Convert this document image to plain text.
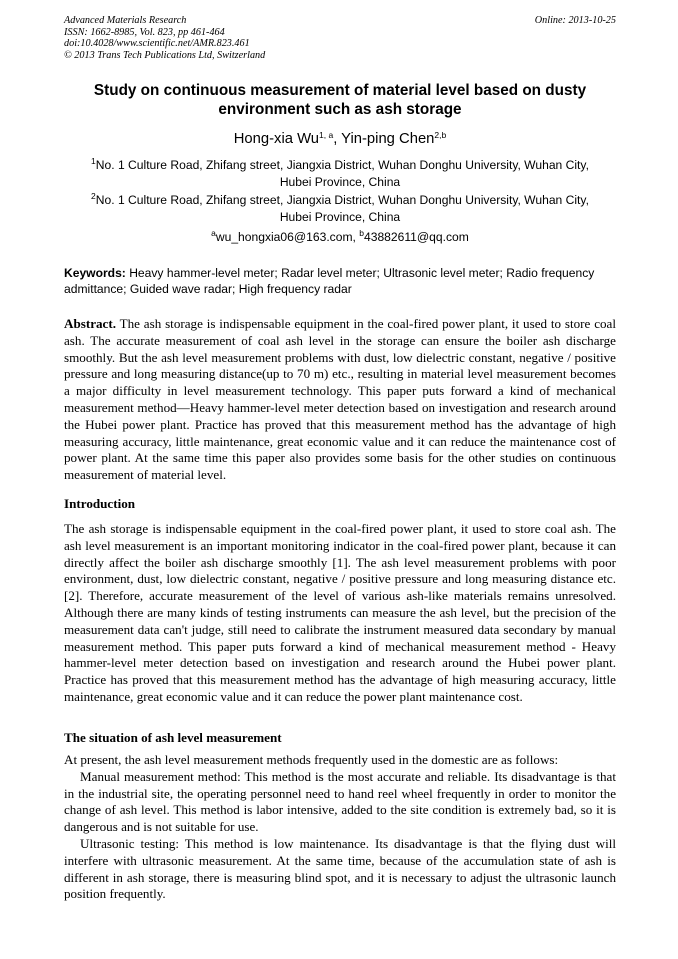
Advanced Materials Research
ISSN: 1662-8985, Vol. 823, pp 461-464
doi:10.4028/www.scientific.net/AMR.823.461
© 2013 Trans Tech Publications Ltd, Switzerland
Online: 2013-10-25
Study on continuous measurement of material level based on dusty environment such as ash storage
Hong-xia Wu$^{1, a}$, Yin-ping Chen$^{2,b}$
$^1$No. 1 Culture Road, Zhifang street, Jiangxia District, Wuhan Donghu University, Wuhan City, Hubei Province, China
$^2$No. 1 Culture Road, Zhifang street, Jiangxia District, Wuhan Donghu University, Wuhan City, Hubei Province, China
$^a$wu_hongxia06@163.com, $^b$43882611@qq.com
Keywords: Heavy hammer-level meter; Radar level meter; Ultrasonic level meter; Radio frequency admittance; Guided wave radar; High frequency radar
Abstract. The ash storage is indispensable equipment in the coal-fired power plant, it used to store coal ash. The accurate measurement of coal ash level in the storage can ensure the boiler ash discharge smoothly. But the ash level measurement problems with dust, low dielectric constant, negative / positive pressure and long measuring distance(up to 70 m) etc., resulting in material level measurement becomes a major difficulty in level measurement technology. This paper puts forward a kind of mechanical measurement method—Heavy hammer-level meter detection based on investigation and research around the Hubei power plant. Practice has proved that this measurement method has the advantage of high measuring accuracy, little maintenance, great economic value and it can reduce the maintenance cost of power plant. At the same time this paper also provides some basis for the other studies on continuous measurement of material level.
Introduction
The ash storage is indispensable equipment in the coal-fired power plant, it used to store coal ash. The ash level measurement is an important monitoring indicator in the coal-fired power plant, because it can directly affect the boiler ash discharge smoothly [1]. The ash level measurement problems with poor environment, dust, low dielectric constant, negative / positive pressure and long measuring distance etc. [2]. Therefore, accurate measurement of the level of various ash-like materials remains unresolved. Although there are many kinds of testing instruments can measure the ash level, but the precision of the measurement data can't judge, still need to calibrate the instrument measured data secondary by manual measurement method. This paper puts forward a kind of mechanical measurement method - Heavy hammer-level meter detection based on investigation and research around the Hubei power plant. Practice has proved that this measurement method has the advantage of high measuring accuracy, little maintenance, great economic value and it can reduce the power plant maintenance cost.
The situation of ash level measurement

At present, the ash level measurement methods frequently used in the domestic are as follows:

Manual measurement method: This method is the most accurate and reliable. Its disadvantage is that in the industrial site, the operating personnel need to hand reel wheel frequently in order to monitor the change of ash level. This method is labor intensive, added to the site condition is extremely bad, so it is dangerous and is not suitable for use.

Ultrasonic testing: This method is low maintenance. Its disadvantage is that the flying dust will interfere with ultrasonic measurement. At the same time, because of the accumulation state of ash is different in ash storage, there is measuring blind spot, and it is necessary to adjust the ultrasonic launch position frequently.
